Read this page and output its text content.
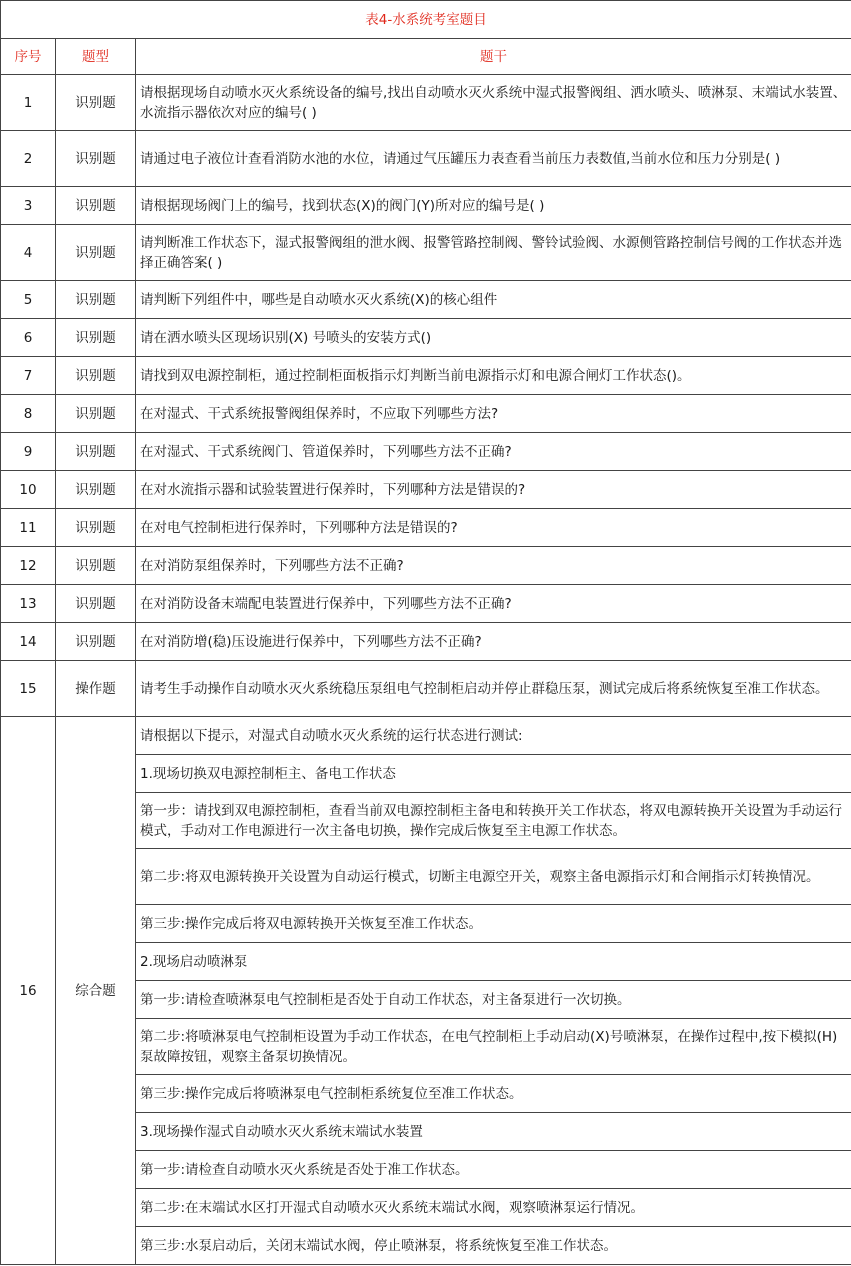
表4-水系统考室题目		
序号	题型	题干
1	识别题	请根据现场自动喷水灭火系统设备的编号,找出自动喷水灭火系统中湿式报警阀组、洒水喷头、喷淋泵、末端试水装置、水流指示器依次对应的编号( )
2	识别题	请通过电子液位计查看消防水池的水位，请通过气压罐压力表查看当前压力表数值,当前水位和压力分别是( )
3	识别题	请根据现场阀门上的编号，找到状态(X)的阀门(Y)所对应的编号是( )
4	识别题	请判断准工作状态下，湿式报警阀组的泄水阀、报警管路控制阀、警铃试验阀、水源侧管路控制信号阀的工作状态并选择正确答案( )
5	识别题	请判断下列组件中，哪些是自动喷水灭火系统(X)的核心组件
6	识别题	请在洒水喷头区现场识别(X) 号喷头的安装方式()
7	识别题	请找到双电源控制柜，通过控制柜面板指示灯判断当前电源指示灯和电源合闸灯工作状态()。
8	识别题	在对湿式、干式系统报警阀组保养时，不应取下列哪些方法?
9	识别题	在对湿式、干式系统阀门、管道保养时，下列哪些方法不正确?
10	识别题	在对水流指示器和试验装置进行保养时，下列哪种方法是错误的?
11	识别题	在对电气控制柜进行保养时，下列哪种方法是错误的?
12	识别题	在对消防泵组保养时，下列哪些方法不正确?
13	识别题	在对消防设备末端配电装置进行保养中，下列哪些方法不正确?
14	识别题	在对消防增(稳)压设施进行保养中，下列哪些方法不正确?
15	操作题	请考生手动操作自动喷水灭火系统稳压泵组电气控制柜启动并停止群稳压泵，测试完成后将系统恢复至准工作状态。
16	综合题	请根据以下提示，对湿式自动喷水灭火系统的运行状态进行测试:
		1.现场切换双电源控制柜主、备电工作状态
		第一步：请找到双电源控制柜，查看当前双电源控制柜主备电和转换开关工作状态，将双电源转换开关设置为手动运行模式，手动对工作电源进行一次主备电切换，操作完成后恢复至主电源工作状态。
		第二步:将双电源转换开关设置为自动运行模式，切断主电源空开关，观察主备电源指示灯和合闸指示灯转换情况。
		第三步:操作完成后将双电源转换开关恢复至准工作状态。
		2.现场启动喷淋泵
		第一步:请检查喷淋泵电气控制柜是否处于自动工作状态，对主备泵进行一次切换。
		第二步:将喷淋泵电气控制柜设置为手动工作状态，在电气控制柜上手动启动(X)号喷淋泵，在操作过程中,按下模拟(H)泵故障按钮，观察主备泵切换情况。
		第三步:操作完成后将喷淋泵电气控制柜系统复位至准工作状态。
		3.现场操作湿式自动喷水灭火系统末端试水装置
		第一步:请检查自动喷水灭火系统是否处于准工作状态。
		第二步:在末端试水区打开湿式自动喷水灭火系统末端试水阀，观察喷淋泵运行情况。
		第三步:水泵启动后，关闭末端试水阀，停止喷淋泵，将系统恢复至准工作状态。
